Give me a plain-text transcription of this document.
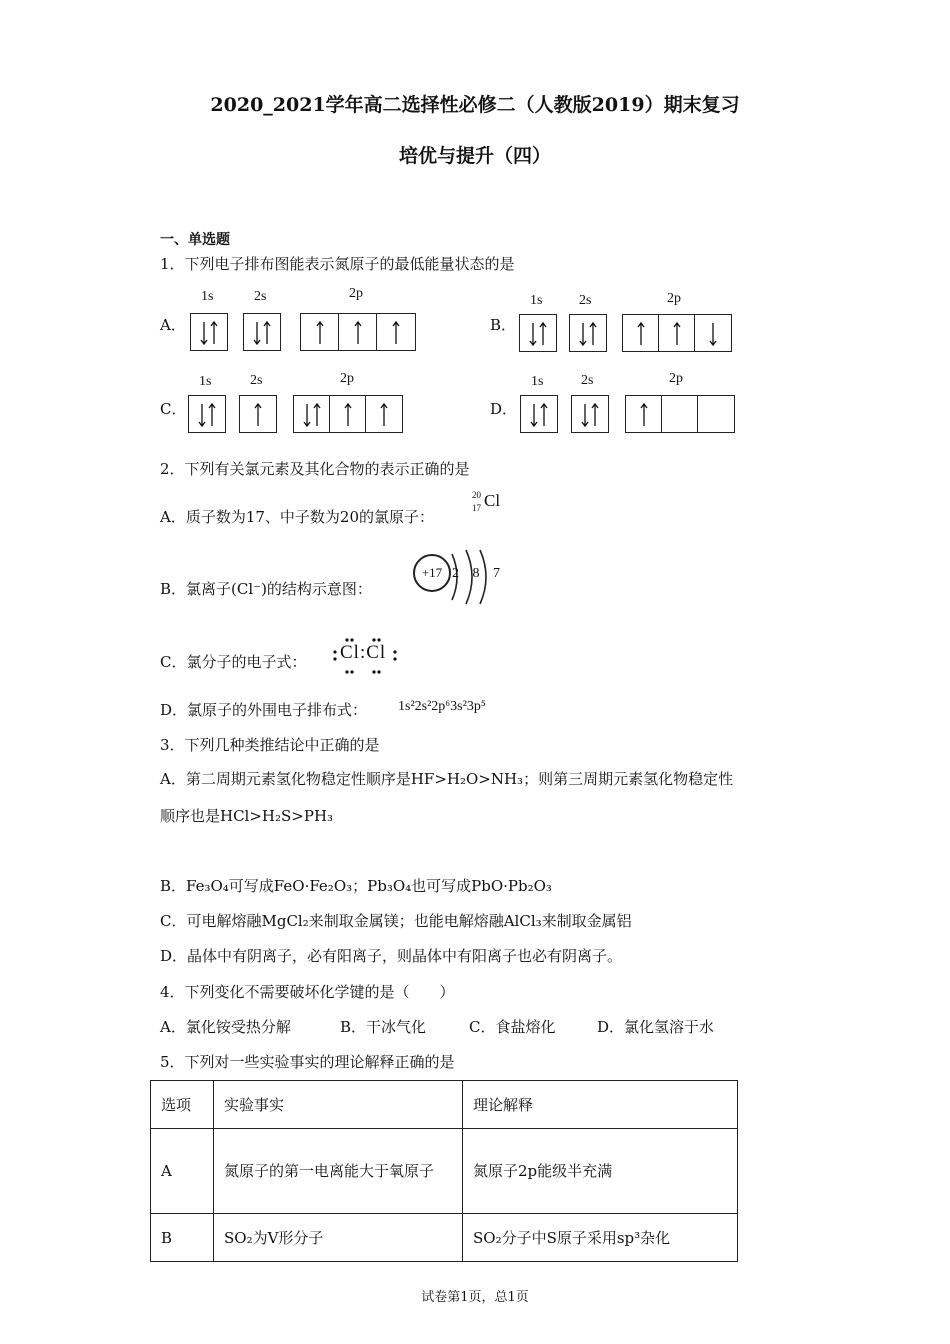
2020_2021学年高二选择性必修二（人教版2019）期末复习
培优与提升（四）
一、单选题
1．下列电子排布图能表示氮原子的最低能量状态的是
A．
1s	2s	2p
B．
1s	2s	2p
C．
1s	2s	2p
D．
1s	2s	2p
2．下列有关氯元素及其化合物的表示正确的是
A．质子数为17、中子数为20的氯原子：
20
17 Cl
B．氯离子(Cl⁻)的结构示意图：
+17 2 8 7
C．氯分子的电子式： Cl:Cl
D．氯原子的外围电子排布式： 1s²2s²2p⁶3s²3p⁵
3．下列几种类推结论中正确的是
A．第二周期元素氢化物稳定性顺序是HF>H₂O>NH₃；则第三周期元素氢化物稳定性
顺序也是HCl>H₂S>PH₃
B．Fe₃O₄可写成FeO·Fe₂O₃；Pb₃O₄也可写成PbO·Pb₂O₃
C．可电解熔融MgCl₂来制取金属镁；也能电解熔融AlCl₃来制取金属铝
D．晶体中有阴离子，必有阳离子，则晶体中有阳离子也必有阴离子。
4．下列变化不需要破坏化学键的是（　　）
A．氯化铵受热分解	B．干冰气化	C．食盐熔化	D．氯化氢溶于水
5．下列对一些实验事实的理论解释正确的是
选项	实验事实	理论解释
A	氮原子的第一电离能大于氧原子	氮原子2p能级半充满
B	SO₂为V形分子	SO₂分子中S原子采用sp³杂化
试卷第1页，总1页
